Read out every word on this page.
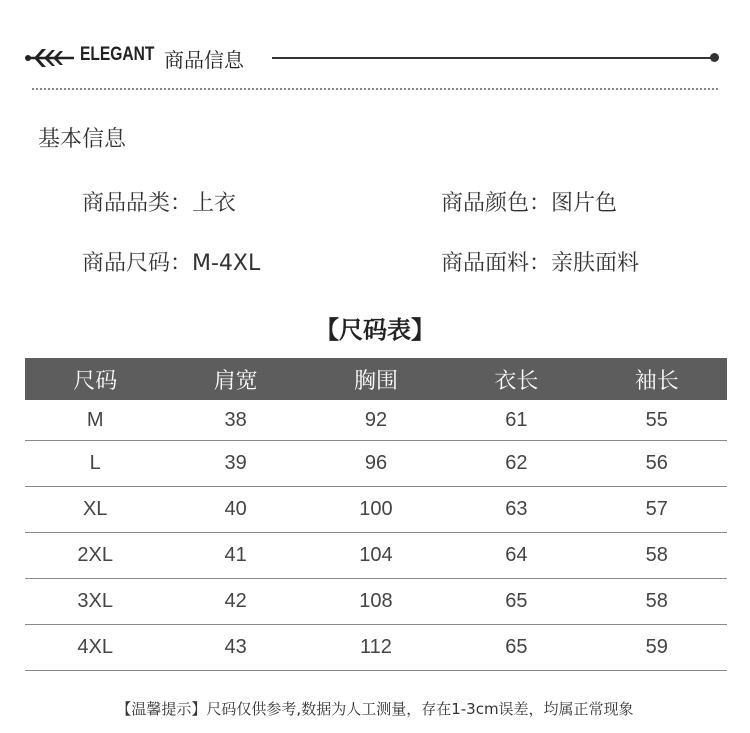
ELEGANT 商品信息
基本信息
商品品类：上衣	商品颜色：图片色
商品尺码：M-4XL	商品面料：亲肤面料
【尺码表】
尺码	肩宽	胸围	衣长	袖长
M	38	92	61	55
L	39	96	62	56
XL	40	100	63	57
2XL	41	104	64	58
3XL	42	108	65	58
4XL	43	112	65	59
【温馨提示】尺码仅供参考,数据为人工测量，存在1-3cm误差，均属正常现象
